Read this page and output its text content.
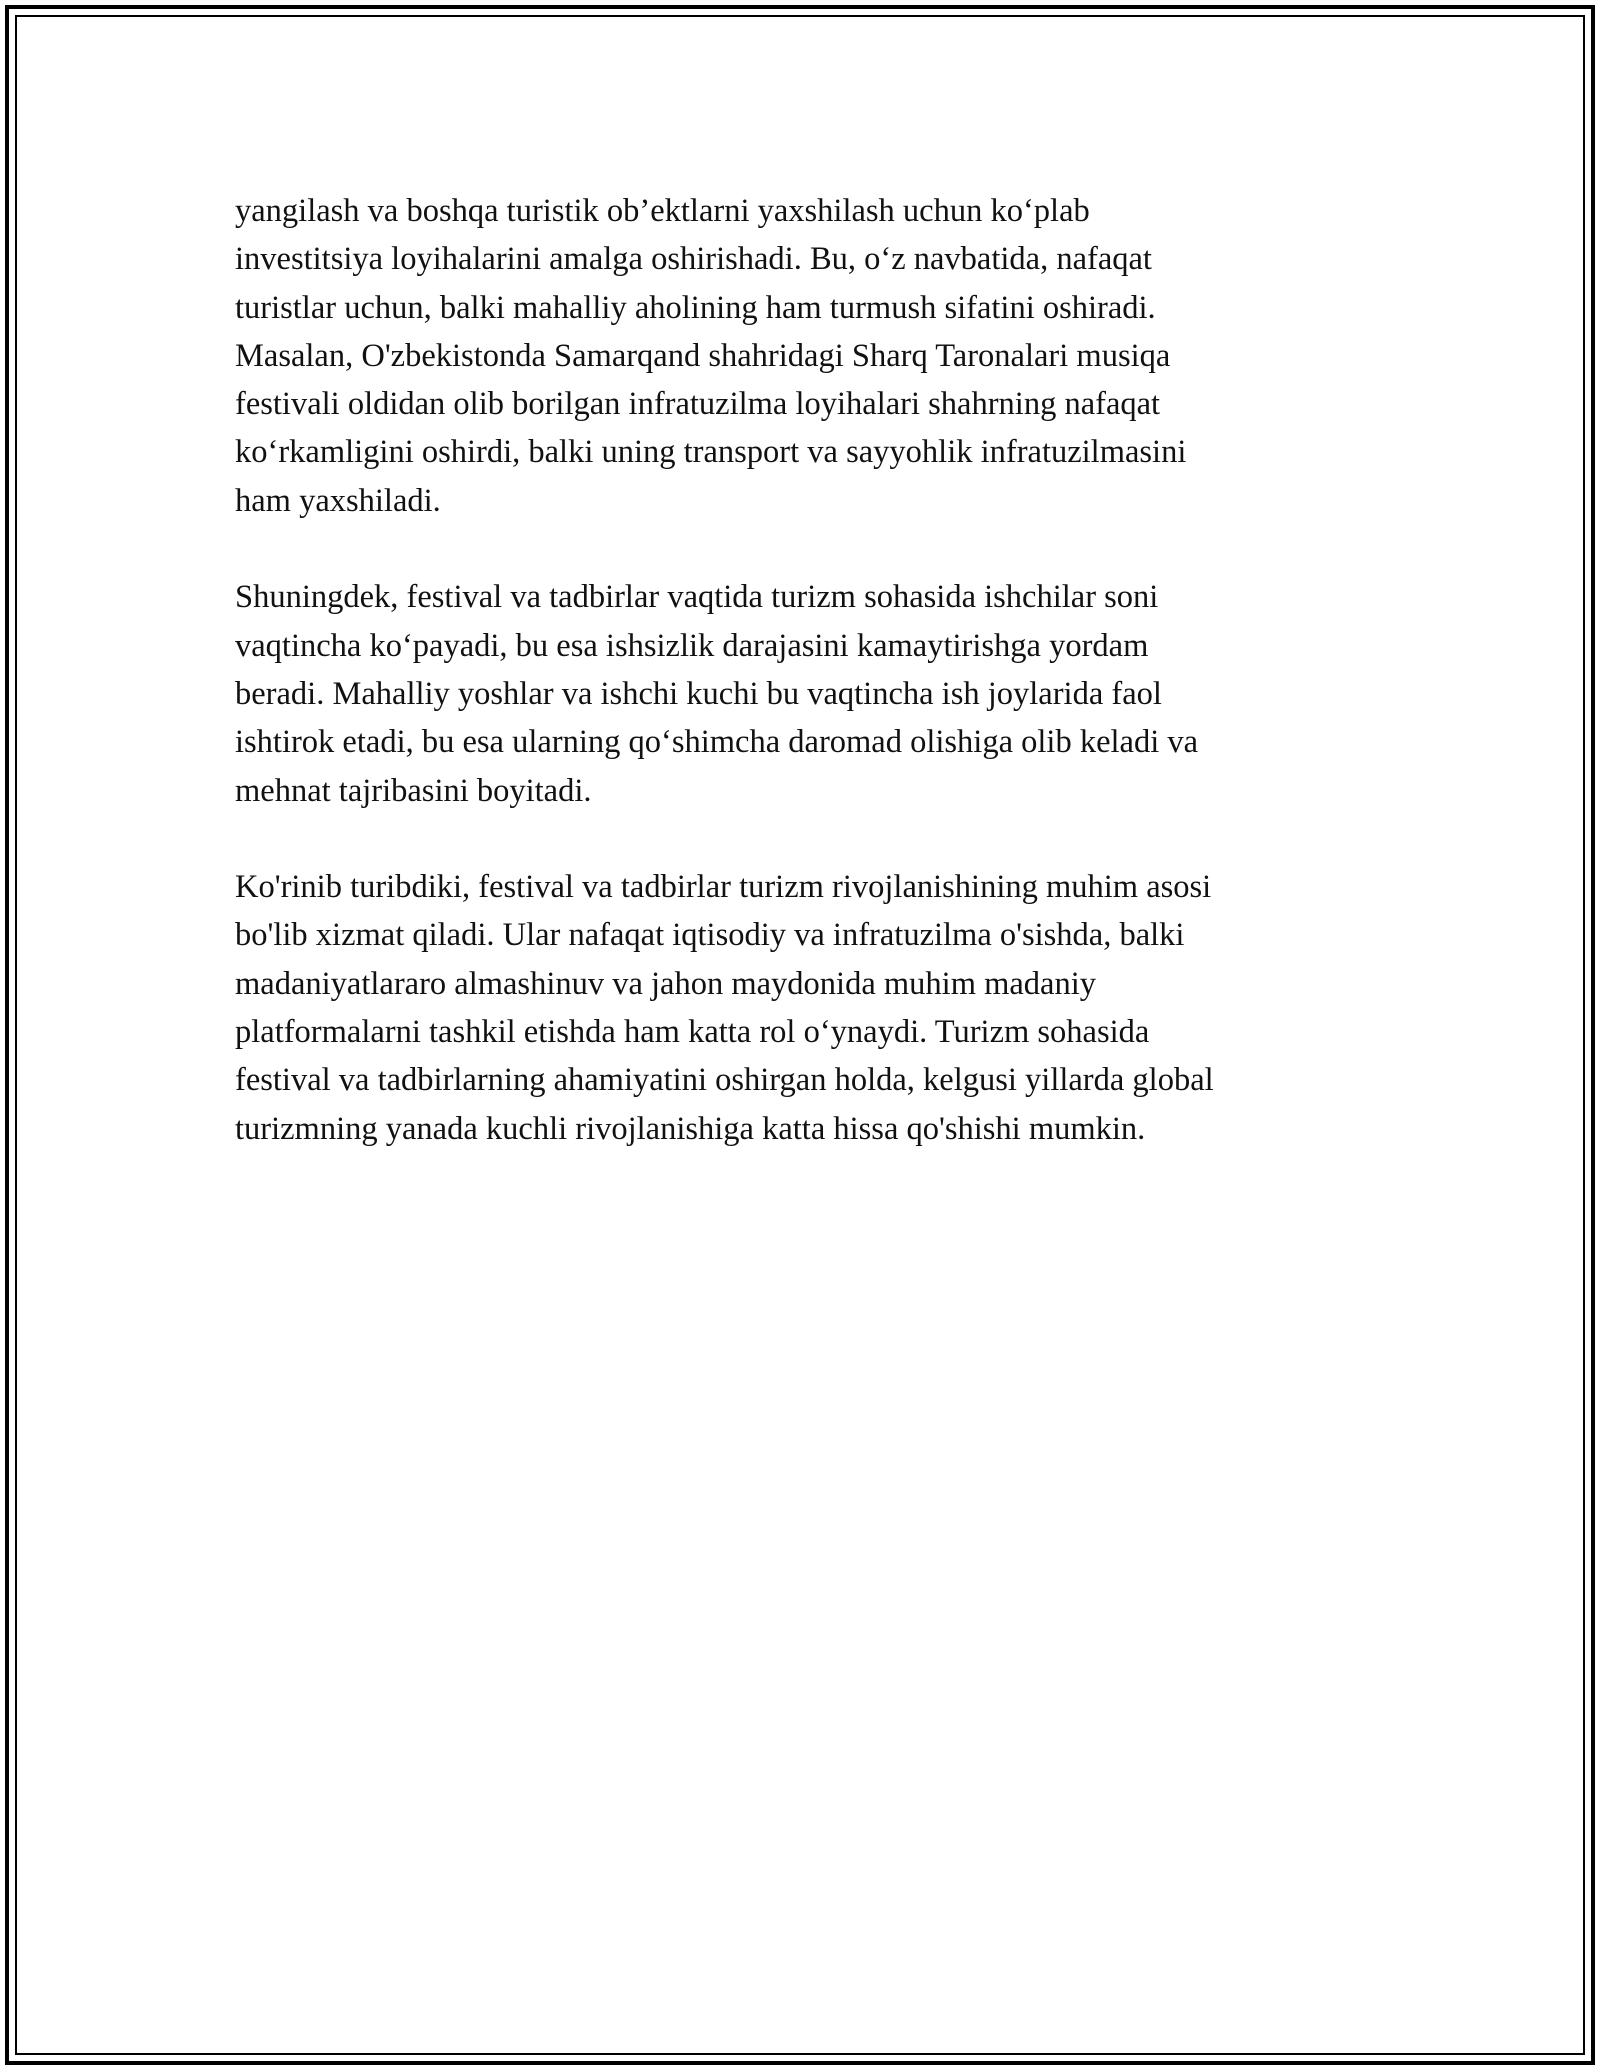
yangilash va boshqa turistik ob’ektlarni yaxshilash uchun ko‘plab
investitsiya loyihalarini amalga oshirishadi. Bu, o‘z navbatida, nafaqat
turistlar uchun, balki mahalliy aholining ham turmush sifatini oshiradi.
Masalan, O'zbekistonda Samarqand shahridagi Sharq Taronalari musiqa
festivali oldidan olib borilgan infratuzilma loyihalari shahrning nafaqat
ko‘rkamligini oshirdi, balki uning transport va sayyohlik infratuzilmasini
ham yaxshiladi.

Shuningdek, festival va tadbirlar vaqtida turizm sohasida ishchilar soni
vaqtincha ko‘payadi, bu esa ishsizlik darajasini kamaytirishga yordam
beradi. Mahalliy yoshlar va ishchi kuchi bu vaqtincha ish joylarida faol
ishtirok etadi, bu esa ularning qo‘shimcha daromad olishiga olib keladi va
mehnat tajribasini boyitadi.

Ko'rinib turibdiki, festival va tadbirlar turizm rivojlanishining muhim asosi
bo'lib xizmat qiladi. Ular nafaqat iqtisodiy va infratuzilma o'sishda, balki
madaniyatlararo almashinuv va jahon maydonida muhim madaniy
platformalarni tashkil etishda ham katta rol o‘ynaydi. Turizm sohasida
festival va tadbirlarning ahamiyatini oshirgan holda, kelgusi yillarda global
turizmning yanada kuchli rivojlanishiga katta hissa qo'shishi mumkin.
